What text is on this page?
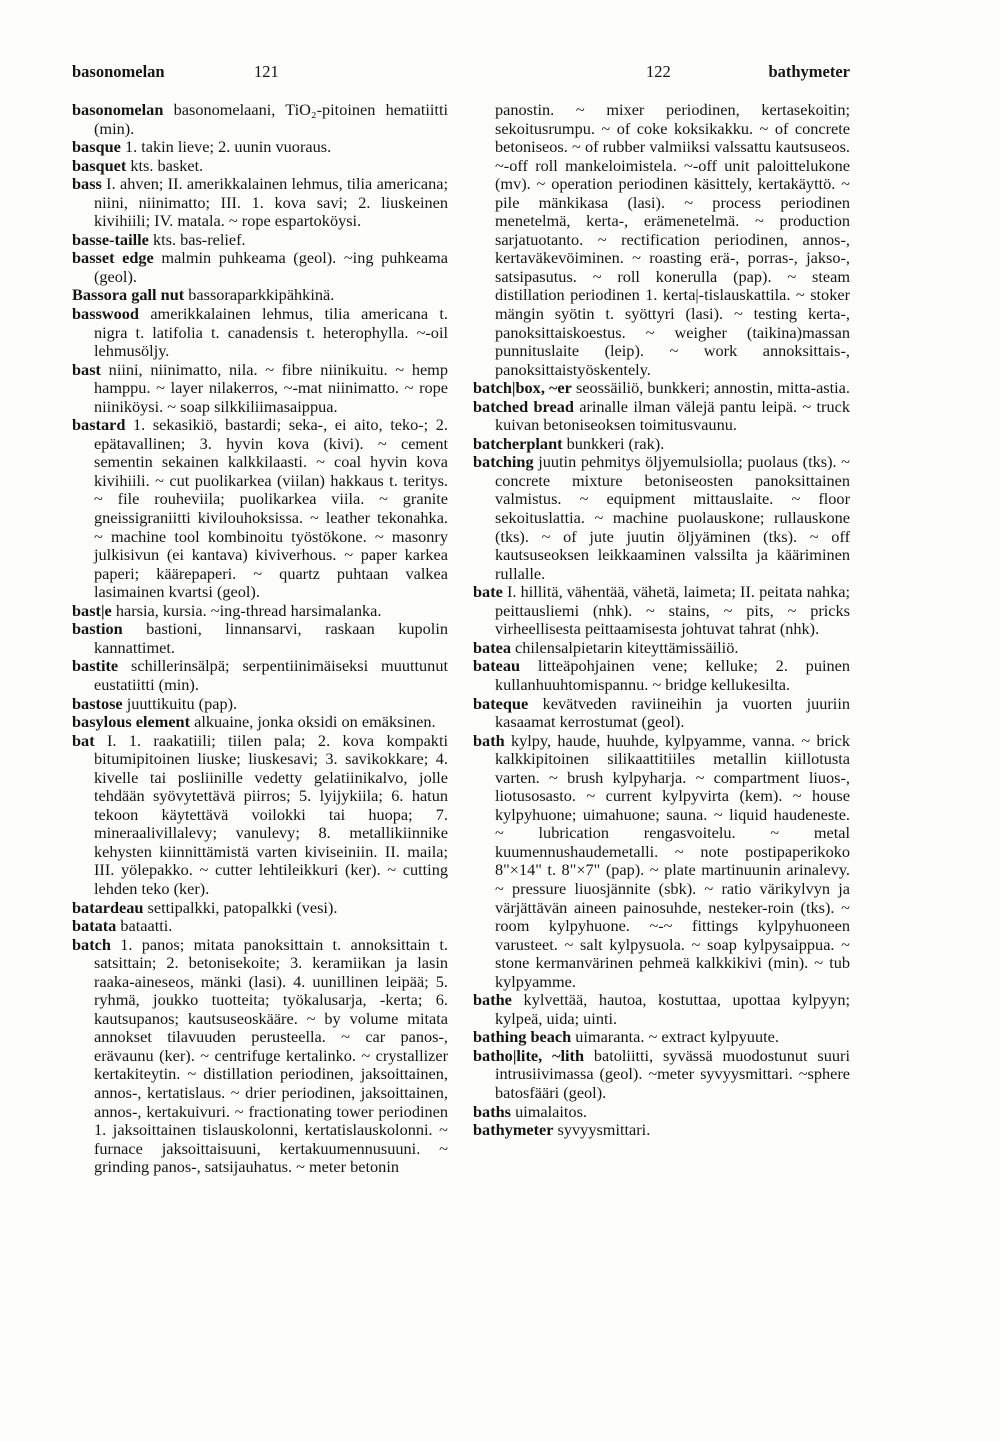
basonomelan	121	122	bathymeter
basonomelan basonomelaani, TiO₂-pitoinen hematiitti (min).
basque 1. takin lieve; 2. uunin vuoraus.
basquet kts. basket.
bass I. ahven; II. amerikkalainen lehmus, tilia americana; niini, niinimatto; III. 1. kova savi; 2. liuskeinen kivihiili; IV. matala. ~ rope espartoköysi.
basse-taille kts. bas-relief.
basset edge malmin puhkeama (geol). ~ing puhkeama (geol).
Bassora gall nut bassoraparkkipähkinä.
basswood amerikkalainen lehmus, tilia americana t. nigra t. latifolia t. canadensis t. heterophylla. ~-oil lehmusöljy.
bast niini, niinimatto, nila. ~ fibre niinikuitu. ~ hemp hamppu. ~ layer nilakerros, ~-mat niinimatto. ~ rope niiniköysi. ~ soap silkkiliimasaippua.
bastard 1. sekasikiö, bastardi; seka-, ei aito, teko-; 2. epätavallinen; 3. hyvin kova (kivi). ~ cement sementin sekainen kalkkilaasti. ~ coal hyvin kova kivihiili. ~ cut puolikarkea (viilan) hakkaus t. teritys. ~ file rouheviila; puolikarkea viila. ~ granite gneissigraniitti kivilouhoksissa. ~ leather tekonahka. ~ machine tool kombinoitu työstökone. ~ masonry julkisivun (ei kantava) kiviverhous. ~ paper karkea paperi; käärepaperi. ~ quartz puhtaan valkea lasimainen kvartsi (geol).
bast|e harsia, kursia. ~ing-thread harsimalanka.
bastion bastioni, linnansarvi, raskaan kupolin kannattimet.
bastite schillerinsälpä; serpentiinimäiseksi muuttunut eustatiitti (min).
bastose juuttikuitu (pap).
basylous element alkuaine, jonka oksidi on emäksinen.
bat I. 1. raakatiili; tiilen pala; 2. kova kompakti bitumipitoinen liuske; liuskesavi; 3. savikokkare; 4. kivelle tai posliinille vedetty gelatiinikalvo, jolle tehdään syövytettävä piirros; 5. lyijykiila; 6. hatun tekoon käytettävä voilokki tai huopa; 7. mineraalivillalevy; vanulevy; 8. metallikiinnike kehysten kiinnittämistä varten kiviseiniin. II. maila; III. yölepakko. ~ cutter lehtileikkuri (ker). ~ cutting lehden teko (ker).
batardeau settipalkki, patopalkki (vesi).
batata bataatti.
batch 1. panos; mitata panoksittain t. annoksittain t. satsittain; 2. betonisekoite; 3. keramiikan ja lasin raaka-aineseos, mänki (lasi). 4. uunillinen leipää; 5. ryhmä, joukko tuotteita; työkalusarja, -kerta; 6. kautsupanos; kautsuseoskääre. ~ by volume mitata annokset tilavuuden perusteella. ~ car panos-, erävaunu (ker). ~ centrifuge kertalinko. ~ crystallizer kertakiteytin. ~ distillation periodinen, jaksoittainen, annos-, kertatislaus. ~ drier periodinen, jaksoittainen, annos-, kertakuivuri. ~ fractionating tower periodinen 1. jaksoittainen tislauskolonni, kertatislauskolonni. ~ furnace jaksoittaisuuni, kertakuumennusuuni. ~ grinding panos-, satsijauhatus. ~ meter betonin
panostin. ~ mixer periodinen, kertasekoitin; sekoitusrumpu. ~ of coke koksikakku. ~ of concrete betoniseos. ~ of rubber valmiiksi valssattu kautsuseos. ~-off roll mankeloimistela. ~-off unit paloittelukone (mv). ~ operation periodinen käsittely, kertakäyttö. ~ pile mänkikasa (lasi). ~ process periodinen menetelmä, kerta-, erämenetelmä. ~ production sarjatuotanto. ~ rectification periodinen, annos-, kertaväkevöiminen. ~ roasting erä-, porras-, jakso-, satsipasutus. ~ roll konerulla (pap). ~ steam distillation periodinen 1. kerta|-tislauskattila. ~ stoker mängin syötin t. syöttyri (lasi). ~ testing kerta-, panoksittaiskoestus. ~ weigher (taikina)massan punnituslaite (leip). ~ work annoksittais-, panoksittaistyöskentely.
batch|box, ~er seossäiliö, bunkkeri; annostin, mitta-astia.
batched bread arinalle ilman välejä pantu leipä. ~ truck kuivan betoniseoksen toimitusvaunu.
batcherplant bunkkeri (rak).
batching juutin pehmitys öljyemulsiolla; puolaus (tks). ~ concrete mixture betoniseosten panoksittainen valmistus. ~ equipment mittauslaite. ~ floor sekoituslattia. ~ machine puolauskone; rullauskone (tks). ~ of jute juutin öljyäminen (tks). ~ off kautsuseoksen leikkaaminen valssilta ja kääriminen rullalle.
bate I. hillitä, vähentää, vähetä, laimeta; II. peitata nahka; peittausliemi (nhk). ~ stains, ~ pits, ~ pricks virheellisesta peittaamisesta johtuvat tahrat (nhk).
batea chilensalpietarin kiteyttämissäiliö.
bateau litteäpohjainen vene; kelluke; 2. puinen kullanhuuhtomispannu. ~ bridge kellukesilta.
bateque kevätveden raviineihin ja vuorten juuriin kasaamat kerrostumat (geol).
bath kylpy, haude, huuhde, kylpyamme, vanna. ~ brick kalkkipitoinen silikaattitiiles metallin kiillotusta varten. ~ brush kylpyharja. ~ compartment liuos-, liotusosasto. ~ current kylpyvirta (kem). ~ house kylpyhuone; uimahuone; sauna. ~ liquid haudeneste. ~ lubrication rengasvoitelu. ~ metal kuumennushaudemetalli. ~ note postipaperikoko 8"×14" t. 8"×7" (pap). ~ plate martinuunin arinalevy. ~ pressure liuosjännite (sbk). ~ ratio värikylvyn ja värjättävän aineen painosuhde, nesteker-roin (tks). ~ room kylpyhuone. ~-~ fittings kylpyhuoneen varusteet. ~ salt kylpysuola. ~ soap kylpysaippua. ~ stone kermanvärinen pehmeä kalkkikivi (min). ~ tub kylpyamme.
bathe kylvettää, hautoa, kostuttaa, upottaa kylpyyn; kylpeä, uida; uinti.
bathing beach uimaranta. ~ extract kylpyuute.
batho|lite, ~lith batoliitti, syvässä muodostunut suuri intrusiivimassa (geol). ~meter syvyysmittari. ~sphere batosfääri (geol).
baths uimalaitos.
bathymeter syvyysmittari.
